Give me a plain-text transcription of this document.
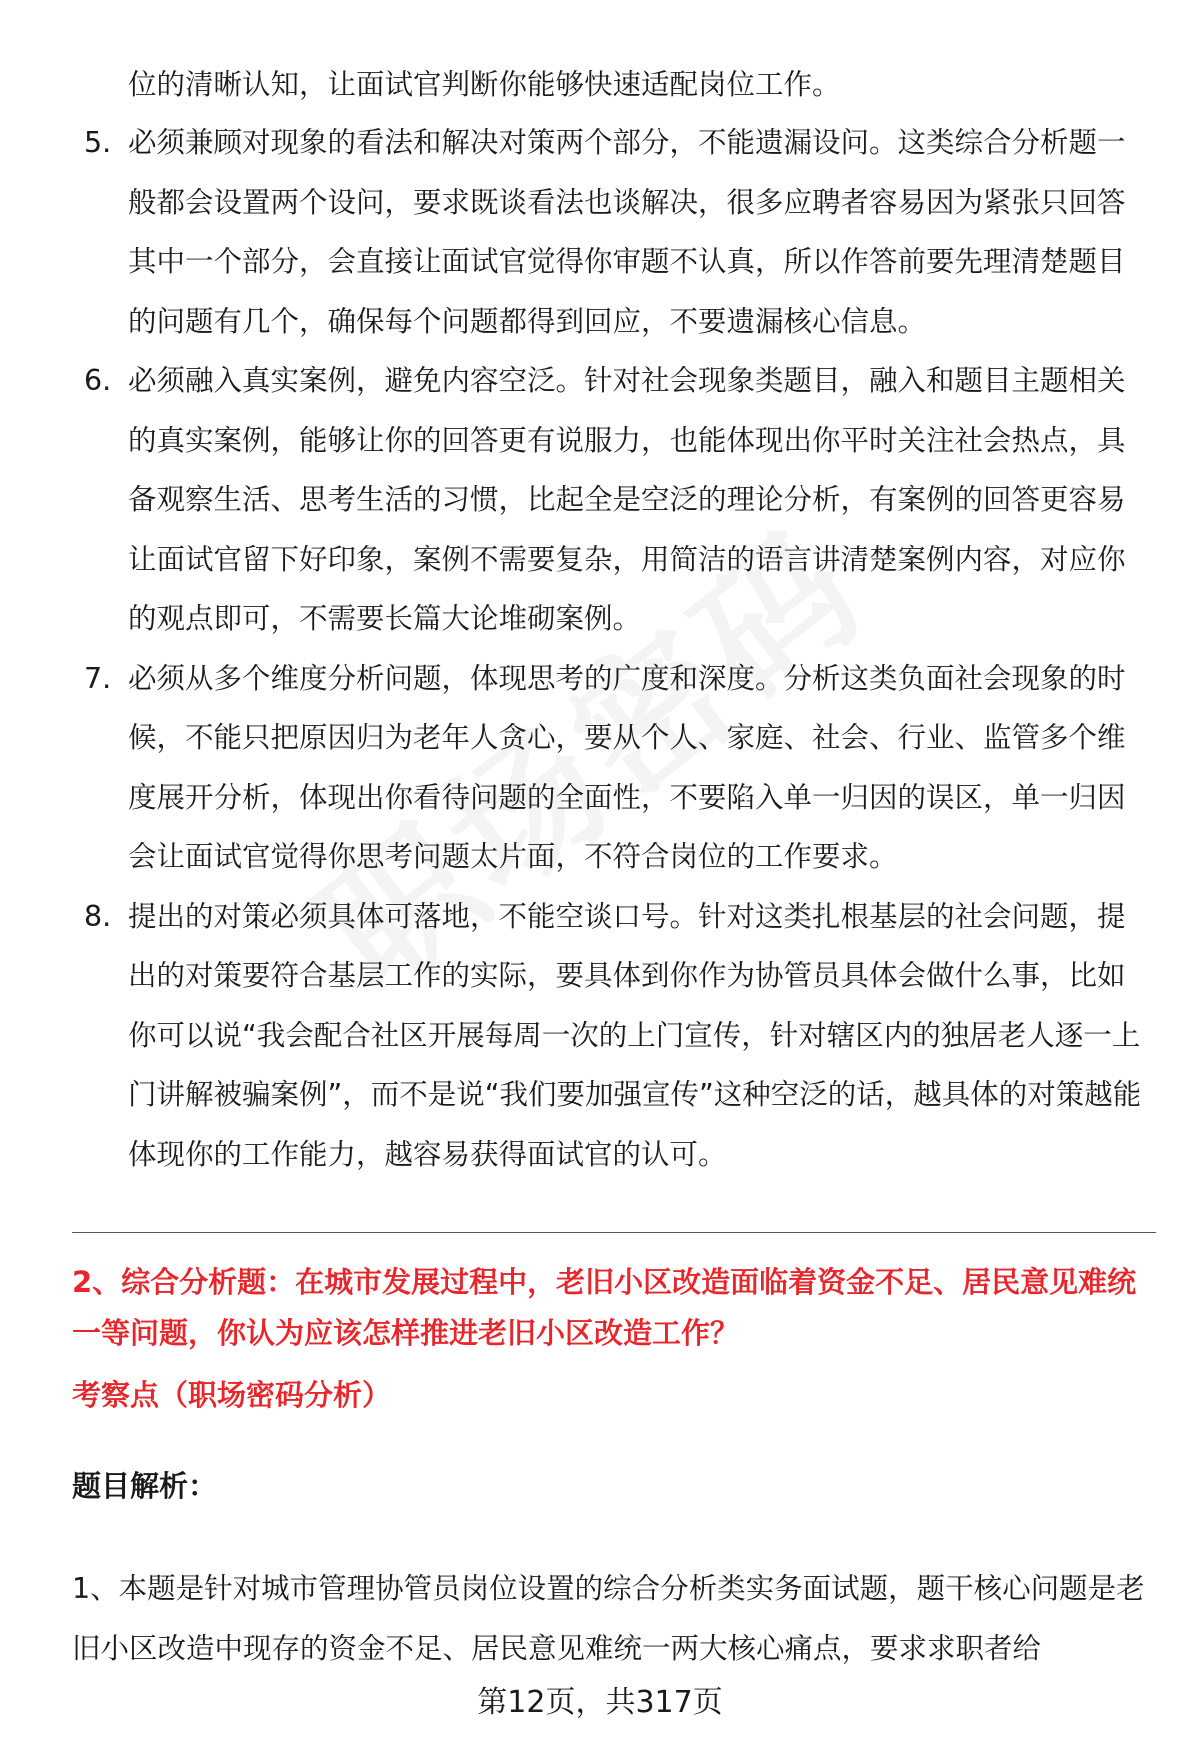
位的清晰认知，让面试官判断你能够快速适配岗位工作。

5. 必须兼顾对现象的看法和解决对策两个部分，不能遗漏设问。这类综合分析题一般都会设置两个设问，要求既谈看法也谈解决，很多应聘者容易因为紧张只回答其中一个部分，会直接让面试官觉得你审题不认真，所以作答前要先理清楚题目的问题有几个，确保每个问题都得到回应，不要遗漏核心信息。
6. 必须融入真实案例，避免内容空泛。针对社会现象类题目，融入和题目主题相关的真实案例，能够让你的回答更有说服力，也能体现出你平时关注社会热点，具备观察生活、思考生活的习惯，比起全是空泛的理论分析，有案例的回答更容易让面试官留下好印象，案例不需要复杂，用简洁的语言讲清楚案例内容，对应你的观点即可，不需要长篇大论堆砌案例。
7. 必须从多个维度分析问题，体现思考的广度和深度。分析这类负面社会现象的时候，不能只把原因归为老年人贪心，要从个人、家庭、社会、行业、监管多个维度展开分析，体现出你看待问题的全面性，不要陷入单一归因的误区，单一归因会让面试官觉得你思考问题太片面，不符合岗位的工作要求。
8. 提出的对策必须具体可落地，不能空谈口号。针对这类扎根基层的社会问题，提出的对策要符合基层工作的实际，要具体到你作为协管员具体会做什么事，比如你可以说“我会配合社区开展每周一次的上门宣传，针对辖区内的独居老人逐一上门讲解被骗案例”，而不是说“我们要加强宣传”这种空泛的话，越具体的对策越能体现你的工作能力，越容易获得面试官的认可。
2、综合分析题：在城市发展过程中，老旧小区改造面临着资金不足、居民意见难统一等问题，你认为应该怎样推进老旧小区改造工作？

考察点（职场密码分析）

题目解析：

1、本题是针对城市管理协管员岗位设置的综合分析类实务面试题，题干核心问题是老旧小区改造中现存的资金不足、居民意见难统一两大核心痛点，要求求职者给

第12页，共317页
